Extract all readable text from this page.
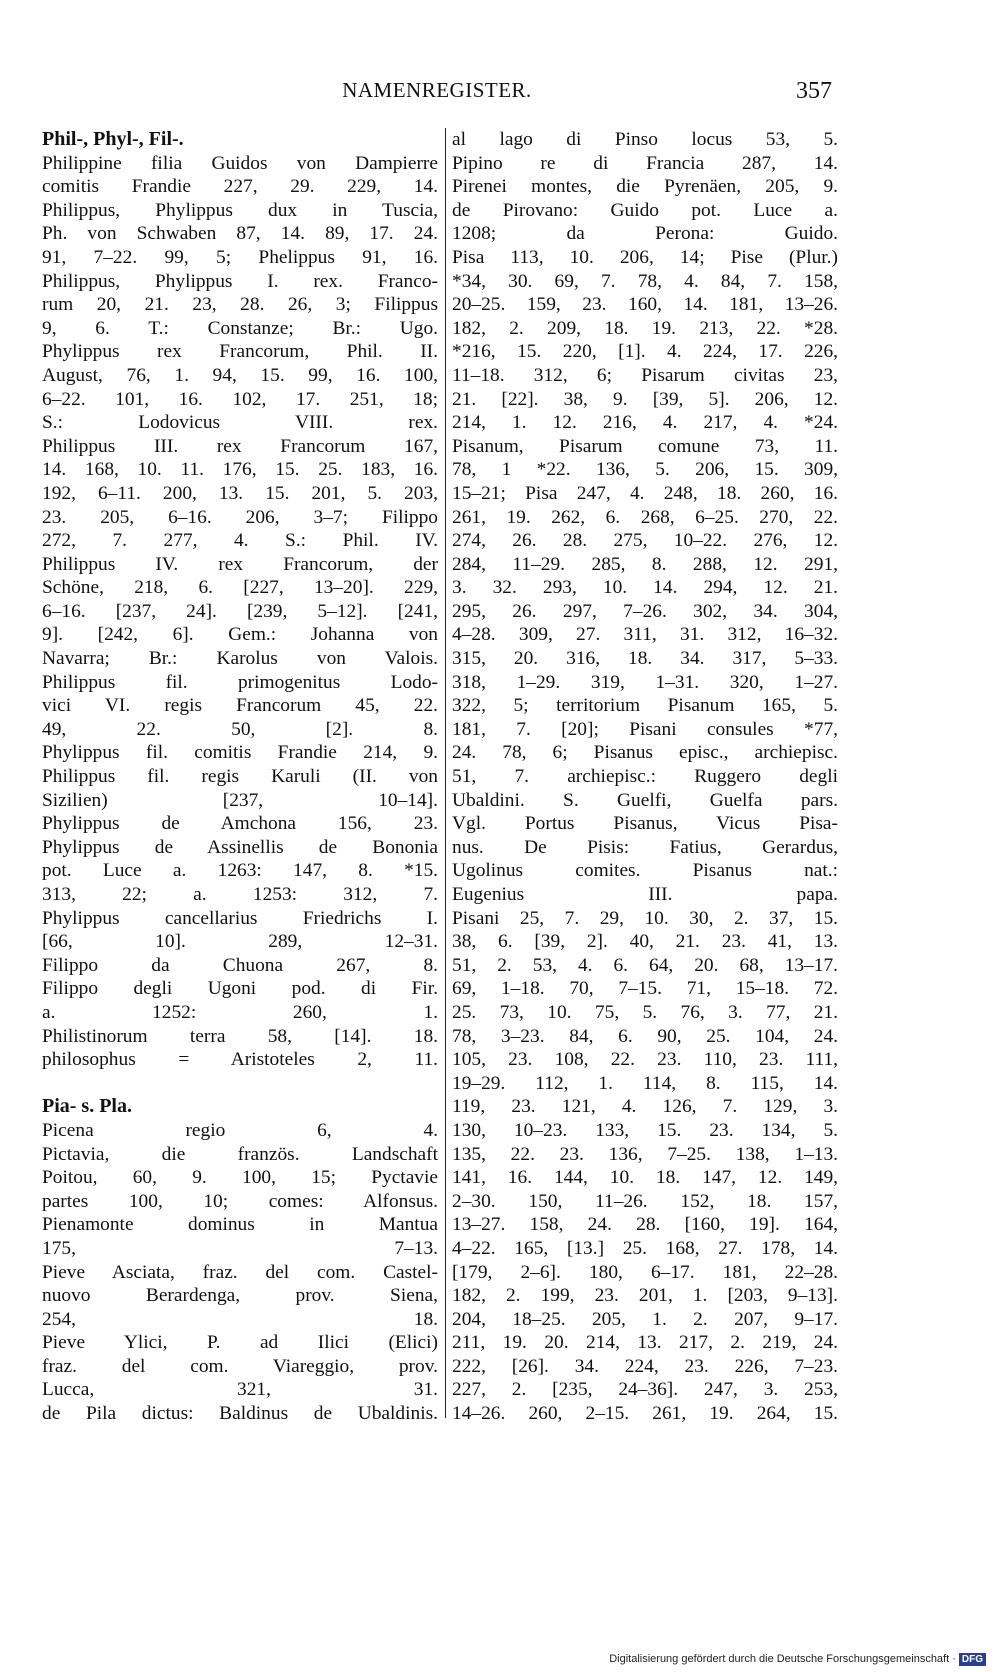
NAMENREGISTER.	357
Phil-, Phyl-, Fil-.
Philippine filia Guidos von Dampierre
comitis Frandie 227, 29. 229, 14.
Philippus, Phylippus dux in Tuscia,
Ph. von Schwaben 87, 14. 89, 17. 24.
91, 7–22. 99, 5; Phelippus 91, 16.
Philippus, Phylippus I. rex. Franco-
rum 20, 21. 23, 28. 26, 3; Filippus
9, 6. T.: Constanze; Br.: Ugo.
Phylippus rex Francorum, Phil. II.
August, 76, 1. 94, 15. 99, 16. 100,
6–22. 101, 16. 102, 17. 251, 18;
S.: Lodovicus VIII. rex.
Philippus III. rex Francorum 167,
14. 168, 10. 11. 176, 15. 25. 183, 16.
192, 6–11. 200, 13. 15. 201, 5. 203,
23. 205, 6–16. 206, 3–7; Filippo
272, 7. 277, 4. S.: Phil. IV.
Philippus IV. rex Francorum, der
Schöne, 218, 6. [227, 13–20]. 229,
6–16. [237, 24]. [239, 5–12]. [241,
9]. [242, 6]. Gem.: Johanna von
Navarra; Br.: Karolus von Valois.
Philippus fil. primogenitus Lodo-
vici VI. regis Francorum 45, 22.
49, 22. 50, [2]. 8.
Phylippus fil. comitis Frandie 214, 9.
Philippus fil. regis Karuli (II. von
Sizilien) [237, 10–14].
Phylippus de Amchona 156, 23.
Phylippus de Assinellis de Bononia
pot. Luce a. 1263: 147, 8. *15.
313, 22; a. 1253: 312, 7.
Phylippus cancellarius Friedrichs I.
[66, 10]. 289, 12–31.
Filippo da Chuona 267, 8.
Filippo degli Ugoni pod. di Fir.
a. 1252: 260, 1.
Philistinorum terra 58, [14]. 18.
philosophus = Aristoteles 2, 11.
Pia- s. Pla.
Picena regio 6, 4.
Pictavia, die französ. Landschaft
Poitou, 60, 9. 100, 15; Pyctavie
partes 100, 10; comes: Alfonsus.
Pienamonte dominus in Mantua
175, 7–13.
Pieve Asciata, fraz. del com. Castel-
nuovo Berardenga, prov. Siena,
254, 18.
Pieve Ylici, P. ad Ilici (Elici)
fraz. del com. Viareggio, prov.
Lucca, 321, 31.
de Pila dictus: Baldinus de Ubaldinis.
al lago di Pinso locus 53, 5.
Pipino re di Francia 287, 14.
Pirenei montes, die Pyrenäen, 205, 9.
de Pirovano: Guido pot. Luce a.
1208; da Perona: Guido.
Pisa 113, 10. 206, 14; Pise (Plur.)
*34, 30. 69, 7. 78, 4. 84, 7. 158,
20–25. 159, 23. 160, 14. 181, 13–26.
182, 2. 209, 18. 19. 213, 22. *28.
*216, 15. 220, [1]. 4. 224, 17. 226,
11–18. 312, 6; Pisarum civitas 23,
21. [22]. 38, 9. [39, 5]. 206, 12.
214, 1. 12. 216, 4. 217, 4. *24.
Pisanum, Pisarum comune 73, 11.
78, 1 *22. 136, 5. 206, 15. 309,
15–21; Pisa 247, 4. 248, 18. 260, 16.
261, 19. 262, 6. 268, 6–25. 270, 22.
274, 26. 28. 275, 10–22. 276, 12.
284, 11–29. 285, 8. 288, 12. 291,
3. 32. 293, 10. 14. 294, 12. 21.
295, 26. 297, 7–26. 302, 34. 304,
4–28. 309, 27. 311, 31. 312, 16–32.
315, 20. 316, 18. 34. 317, 5–33.
318, 1–29. 319, 1–31. 320, 1–27.
322, 5; territorium Pisanum 165, 5.
181, 7. [20]; Pisani consules *77,
24. 78, 6; Pisanus episc., archiepisc.
51, 7. archiepisc.: Ruggero degli
Ubaldini. S. Guelfi, Guelfa pars.
Vgl. Portus Pisanus, Vicus Pisa-
nus. De Pisis: Fatius, Gerardus,
Ugolinus comites. Pisanus nat.:
Eugenius III. papa.
Pisani 25, 7. 29, 10. 30, 2. 37, 15.
38, 6. [39, 2]. 40, 21. 23. 41, 13.
51, 2. 53, 4. 6. 64, 20. 68, 13–17.
69, 1–18. 70, 7–15. 71, 15–18. 72.
25. 73, 10. 75, 5. 76, 3. 77, 21.
78, 3–23. 84, 6. 90, 25. 104, 24.
105, 23. 108, 22. 23. 110, 23. 111,
19–29. 112, 1. 114, 8. 115, 14.
119, 23. 121, 4. 126, 7. 129, 3.
130, 10–23. 133, 15. 23. 134, 5.
135, 22. 23. 136, 7–25. 138, 1–13.
141, 16. 144, 10. 18. 147, 12. 149,
2–30. 150, 11–26. 152, 18. 157,
13–27. 158, 24. 28. [160, 19]. 164,
4–22. 165, [13.] 25. 168, 27. 178, 14.
[179, 2–6]. 180, 6–17. 181, 22–28.
182, 2. 199, 23. 201, 1. [203, 9–13].
204, 18–25. 205, 1. 2. 207, 9–17.
211, 19. 20. 214, 13. 217, 2. 219, 24.
222, [26]. 34. 224, 23. 226, 7–23.
227, 2. [235, 24–36]. 247, 3. 253,
14–26. 260, 2–15. 261, 19. 264, 15.
Digitalisierung gefördert durch die Deutsche Forschungsgemeinschaft · DFG
